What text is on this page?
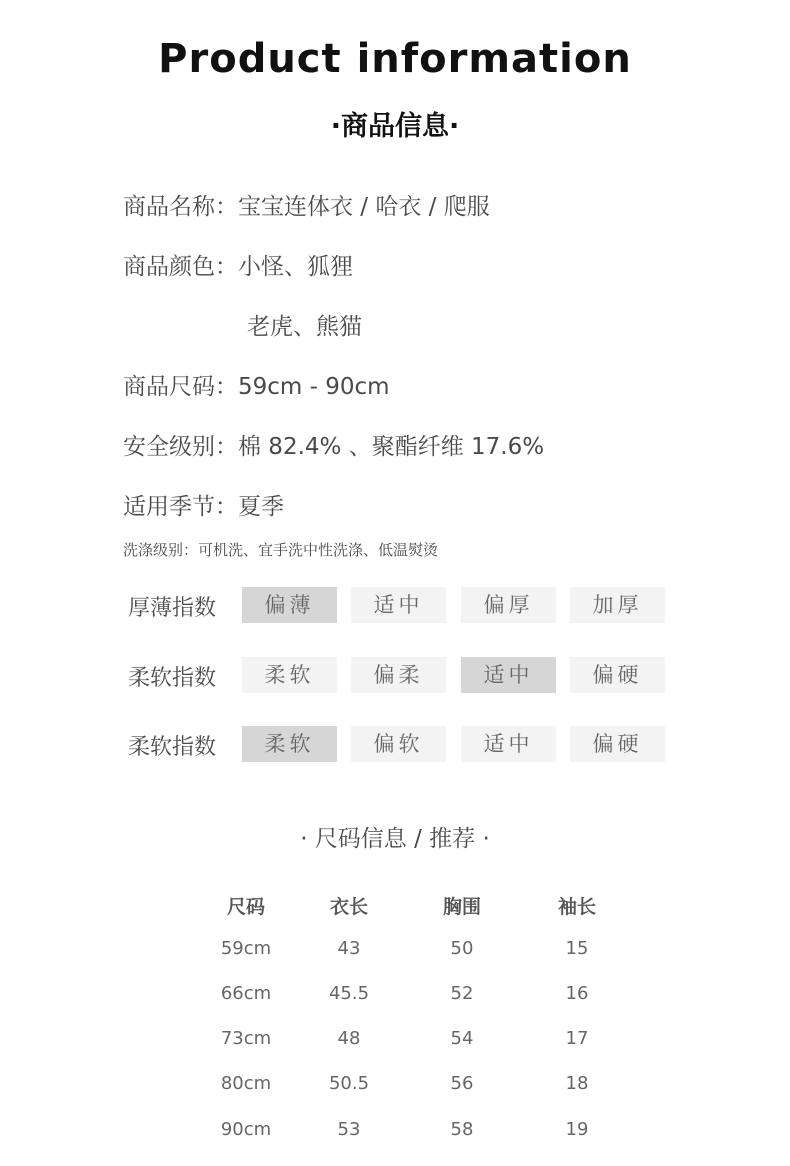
Product information
·商品信息·
商品名称：宝宝连体衣 / 哈衣 / 爬服
商品颜色：小怪、狐狸
老虎、熊猫
商品尺码：59cm - 90cm
安全级别：棉 82.4% 、聚酯纤维 17.6%
适用季节：夏季
洗涤级别：可机洗、宜手洗中性洗涤、低温熨烫
厚薄指数	偏薄	适中	偏厚	加厚
柔软指数	柔软	偏柔	适中	偏硬
柔软指数	柔软	偏软	适中	偏硬
· 尺码信息 / 推荐 ·
尺码	衣长	胸围	袖长
59cm	43	50	15
66cm	45.5	52	16
73cm	48	54	17
80cm	50.5	56	18
90cm	53	58	19
